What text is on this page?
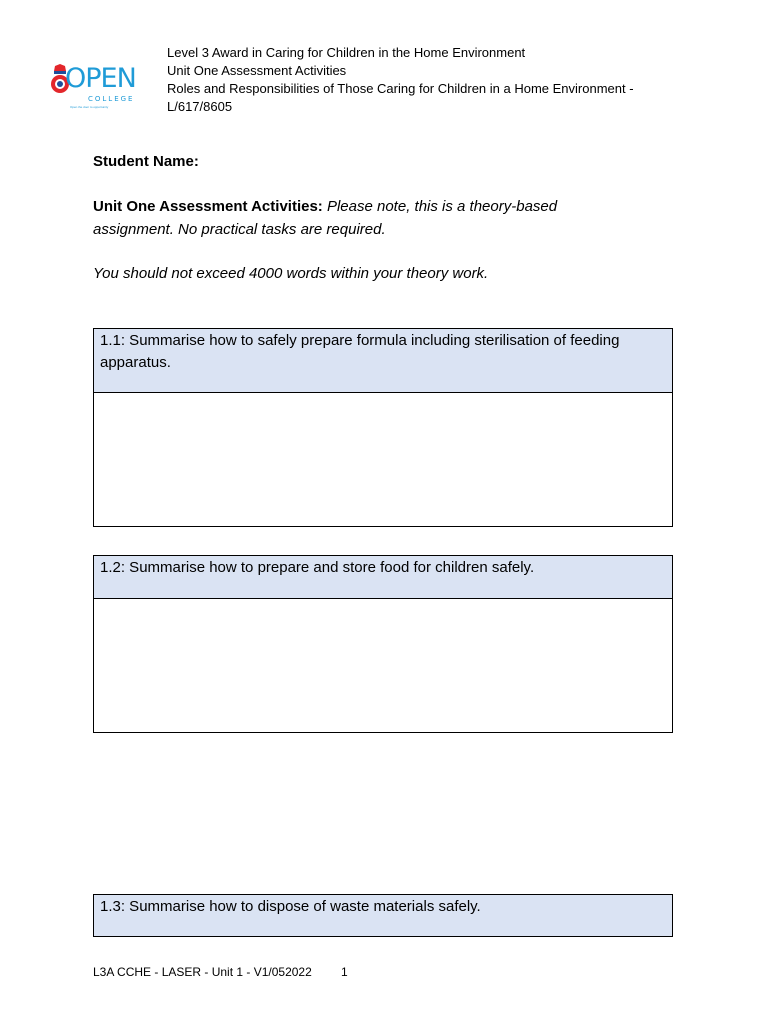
OPEN
COLLEGE
Open the door to opportunity
Level 3 Award in Caring for Children in the Home Environment
Unit One Assessment Activities
Roles and Responsibilities of Those Caring for Children in a Home Environment -
L/617/8605
Student Name:
Unit One Assessment Activities: Please note, this is a theory-based assignment. No practical tasks are required.
You should not exceed 4000 words within your theory work.
1.1: Summarise how to safely prepare formula including sterilisation of feeding apparatus.
1.2: Summarise how to prepare and store food for children safely.
1.3: Summarise how to dispose of waste materials safely.
L3A CCHE - LASER - Unit 1 - V1/052022 1
